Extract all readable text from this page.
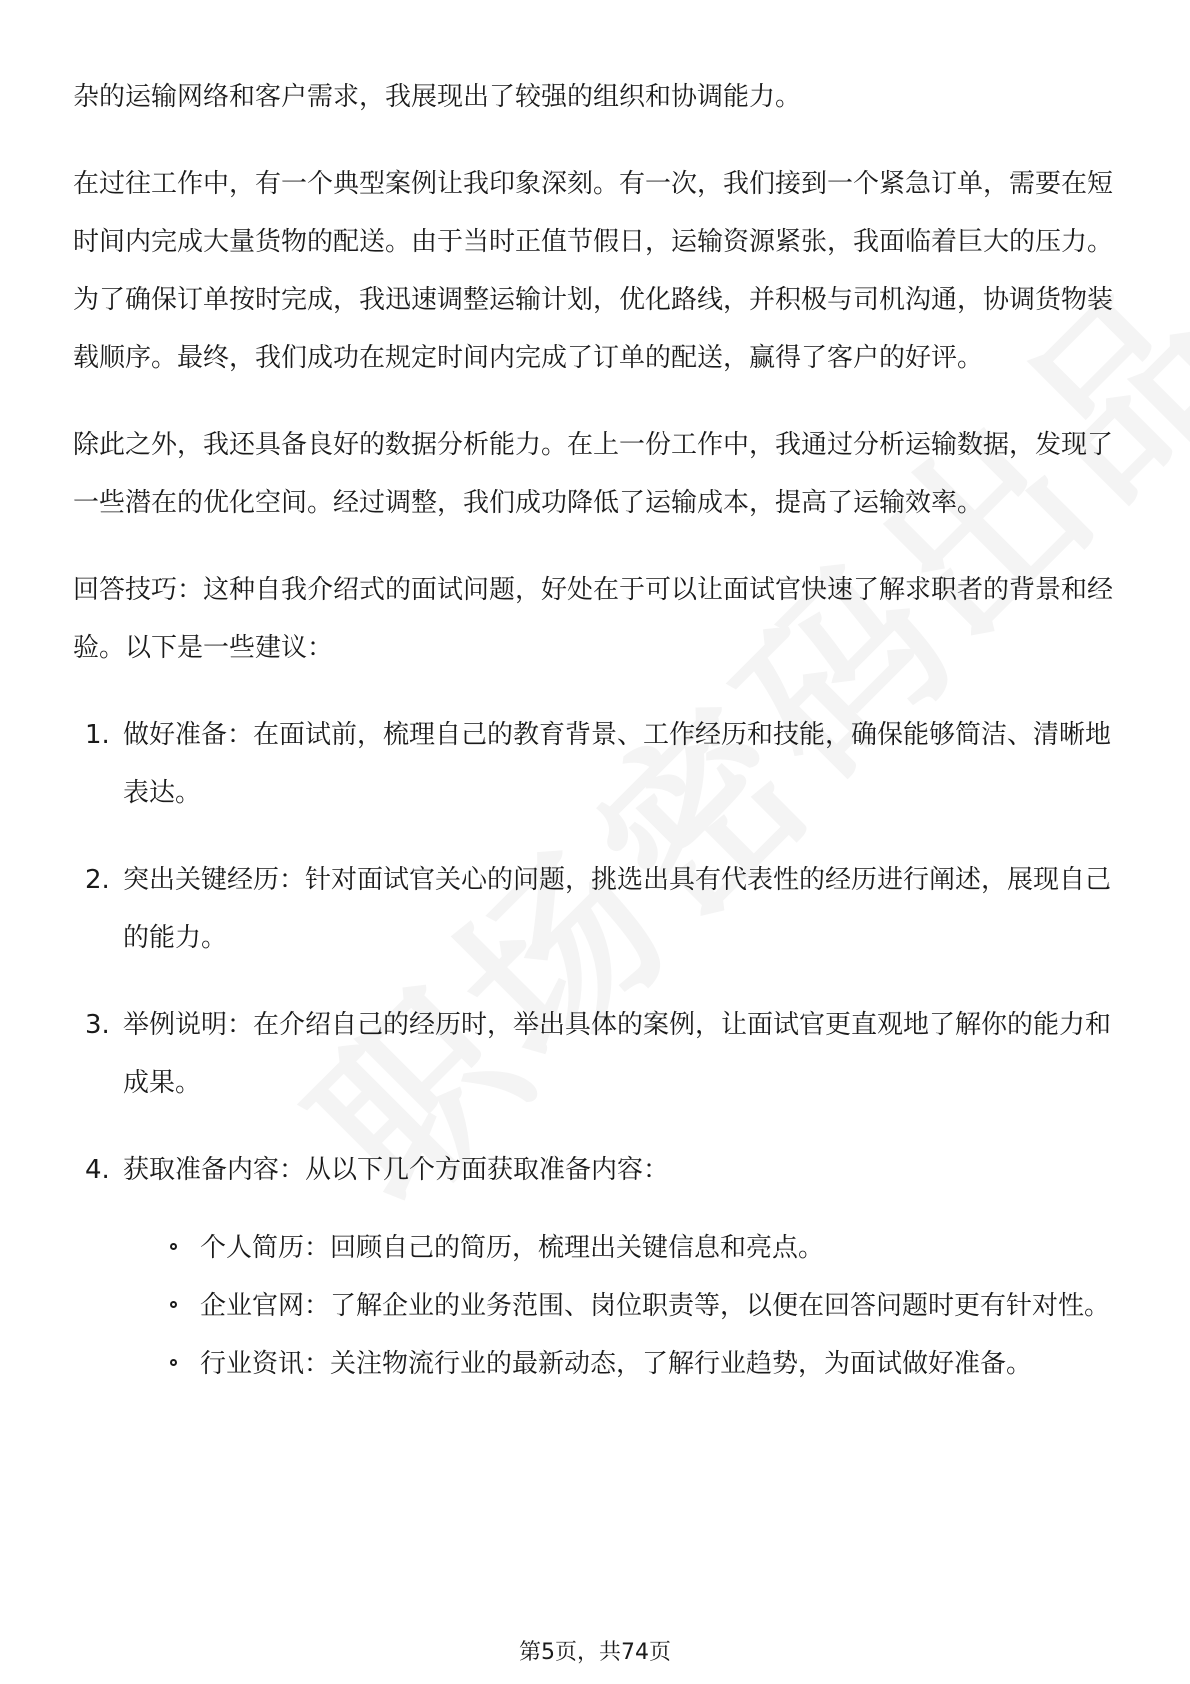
杂的运输网络和客户需求，我展现出了较强的组织和协调能力。

在过往工作中，有一个典型案例让我印象深刻。有一次，我们接到一个紧急订单，需要在短时间内完成大量货物的配送。由于当时正值节假日，运输资源紧张，我面临着巨大的压力。为了确保订单按时完成，我迅速调整运输计划，优化路线，并积极与司机沟通，协调货物装载顺序。最终，我们成功在规定时间内完成了订单的配送，赢得了客户的好评。

除此之外，我还具备良好的数据分析能力。在上一份工作中，我通过分析运输数据，发现了一些潜在的优化空间。经过调整，我们成功降低了运输成本，提高了运输效率。

回答技巧：这种自我介绍式的面试问题，好处在于可以让面试官快速了解求职者的背景和经验。以下是一些建议：

1. 做好准备：在面试前，梳理自己的教育背景、工作经历和技能，确保能够简洁、清晰地表达。
2. 突出关键经历：针对面试官关心的问题，挑选出具有代表性的经历进行阐述，展现自己的能力。
3. 举例说明：在介绍自己的经历时，举出具体的案例，让面试官更直观地了解你的能力和成果。
4. 获取准备内容：从以下几个方面获取准备内容：
个人简历：回顾自己的简历，梳理出关键信息和亮点。
企业官网：了解企业的业务范围、岗位职责等，以便在回答问题时更有针对性。
行业资讯：关注物流行业的最新动态，了解行业趋势，为面试做好准备。
第5页，共74页
